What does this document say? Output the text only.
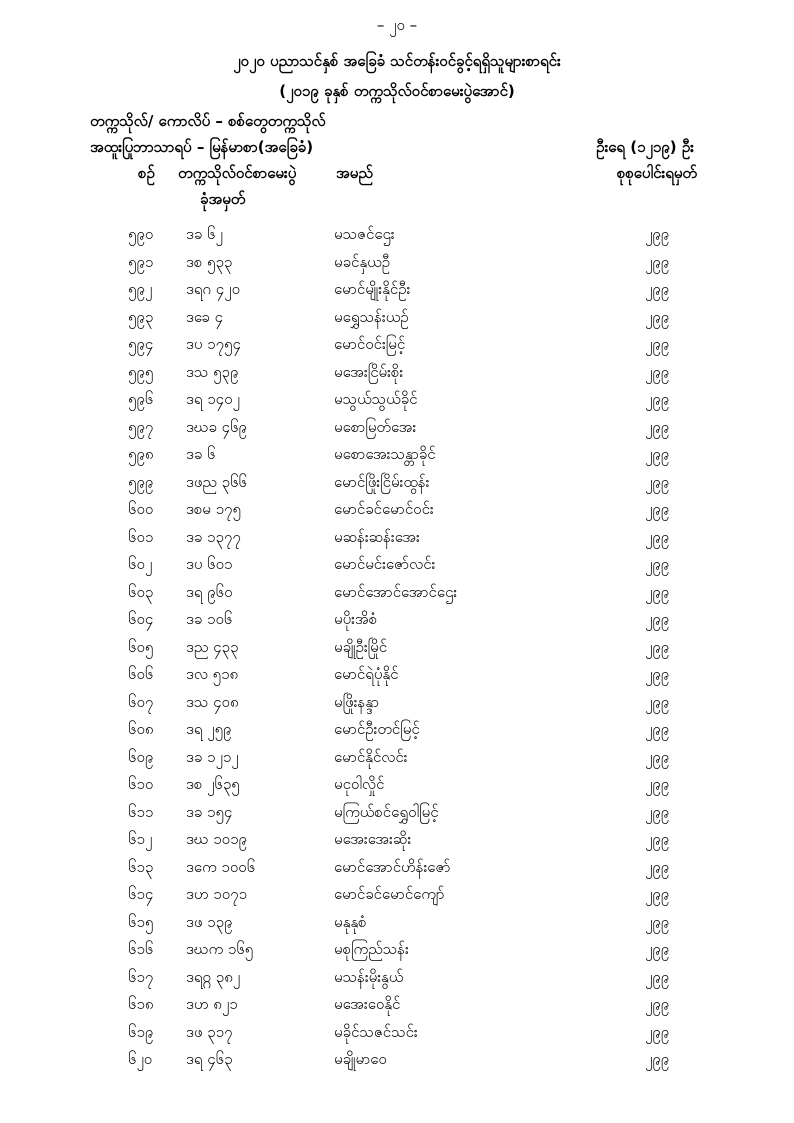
– ၂၀ –
၂၀၂၀ ပညာသင်နှစ် အခြေခံ သင်တန်းဝင်ခွင့်ရရှိသူများစာရင်း
(၂၀၁၉ ခုနှစ် တက္ကသိုလ်ဝင်စာမေးပွဲအောင်)
တက္ကသိုလ်/ ကောလိပ် – စစ်တွေတက္ကသိုလ်
အထူးပြုဘာသာရပ် – မြန်မာစာ(အခြေခံ)	ဦးရေ (၁၂၁၉) ဦး
စဉ် တက္ကသိုလ်ဝင်စာမေးပွဲ
ခုံအမှတ်
အမည်	စုစုပေါင်းရမှတ်
၅၉၀ ဒခ ၆၂	မသဇင်ဌေး	၂၉၉
၅၉၁ ဒစ ၅၃၃	မခင်နှယဦ	၂၉၉
၅၉၂ ဒရဂ ၄၂၀	မောင်မျိုးနိုင်ဦး	၂၉၉
၅၉၃ ဒခေ ၄	မရွှေသန်းယဉ်	၂၉၉
၅၉၄ ဒပ ၁၇၅၄	မောင်ဝင်းမြင့်	၂၉၉
၅၉၅ ဒသ ၅၃၉	မအေးငြိမ်းစိုး	၂၉၉
၅၉၆ ဒရ ၁၄၀၂	မသွယ်သွယ်ခိုင်	၂၉၉
၅၉၇ ဒဃခ ၄၆၉	မစောမြတ်အေး	၂၉၉
၅၉၈ ဒခ ၆	မစောအေးသန္တာခိုင်	၂၉၉
၅၉၉ ဒဖည ၃၆၆	မောင်ဖြိုးငြိမ်းထွန်း	၂၉၉
၆၀၀ ဒစမ ၁၇၅	မောင်ခင်မောင်ဝင်း	၂၉၉
၆၀၁ ဒခ ၁၃၇၇	မဆန်းဆန်းအေး	၂၉၉
၆၀၂ ဒပ ၆၀၁	မောင်မင်းဇော်လင်း	၂၉၉
၆၀၃ ဒရ ၉၆၀	မောင်အောင်အောင်ဌေး	၂၉၉
၆၀၄ ဒခ ၁၀၆	မပိုးအိစံ	၂၉၉
၆၀၅ ဒည ၄၃၃	မချိုဦးမြိုင်	၂၉၉
၆၀၆ ဒလ ၅၁၈	မောင်ရဲပုံနိုင်	၂၉၉
၆၀၇ ဒသ ၄၀၈	မဖြိုးနန္ဒာ	၂၉၉
၆၀၈ ဒရ ၂၅၉	မောင်ဦးတင်မြင့်	၂၉၉
၆၀၉ ဒခ ၁၂၁၂	မောင်နိုင်လင်း	၂၉၉
၆၁၀ ဒစ ၂၆၃၅	မငုဝါလှိုင်	၂၉၉
၆၁၁ ဒခ ၁၅၄	မကြယ်စင်ရွှေဝါမြင့်	၂၉၉
၆၁၂ ဒဃ ၁၀၁၉	မအေးအေးဆိုး	၂၉၉
၆၁၃ ဒကေ ၁၀၀၆	မောင်အောင်ဟိန်းဇော်	၂၉၉
၆၁၄ ဒဟ ၁၀၇၁	မောင်ခင်မောင်ကျော်	၂၉၉
၆၁၅ ဒဖ ၁၃၉	မနုနုစံ	၂၉၉
၆၁၆ ဒဃက ၁၆၅	မစုကြည်သန်း	၂၉၉
၆၁၇ ဒရ႙ ၃၈၂	မသန်းမိုးနွယ်	၂၉၉
၆၁၈ ဒဟ ၈၂၁	မအေးဝေနိုင်	၂၉၉
၆၁၉ ဒဖ ၃၁၇	မခိုင်သဇင်သင်း	၂၉၉
၆၂၀ ဒရ ၄၆၃	မချိုမာဝေ	၂၉၉
